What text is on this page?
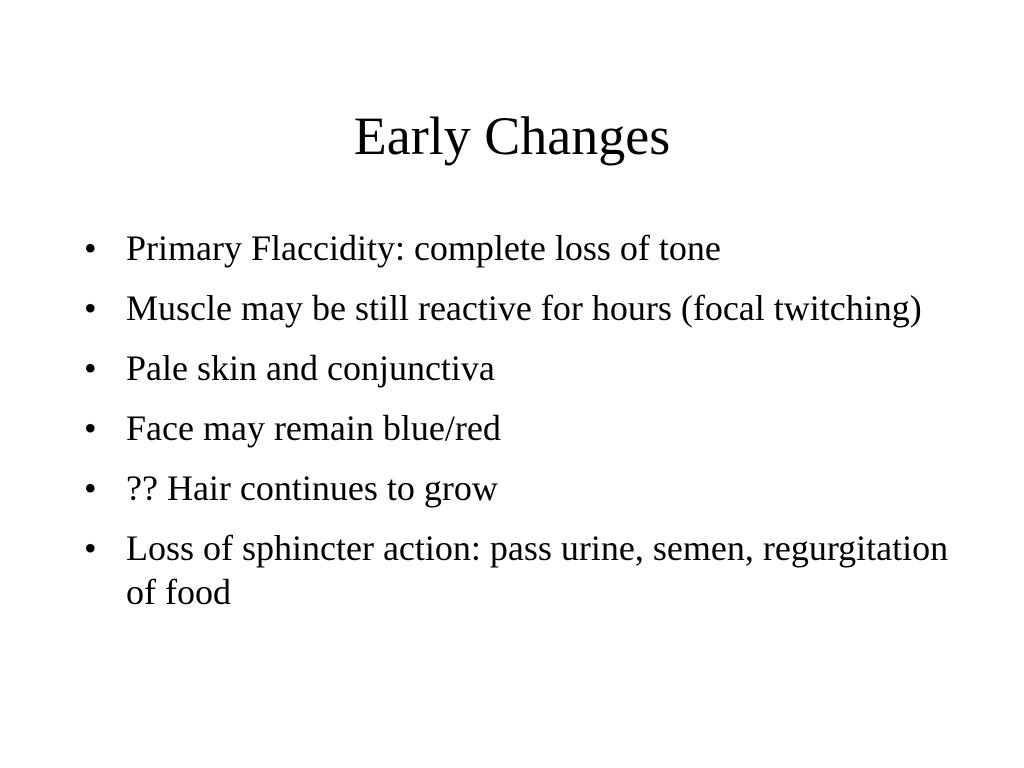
Early Changes
• Primary Flaccidity: complete loss of tone
• Muscle may be still reactive for hours (focal twitching)
• Pale skin and conjunctiva
• Face may remain blue/red
• ?? Hair continues to grow
• Loss of sphincter action: pass urine, semen, regurgitation of food
